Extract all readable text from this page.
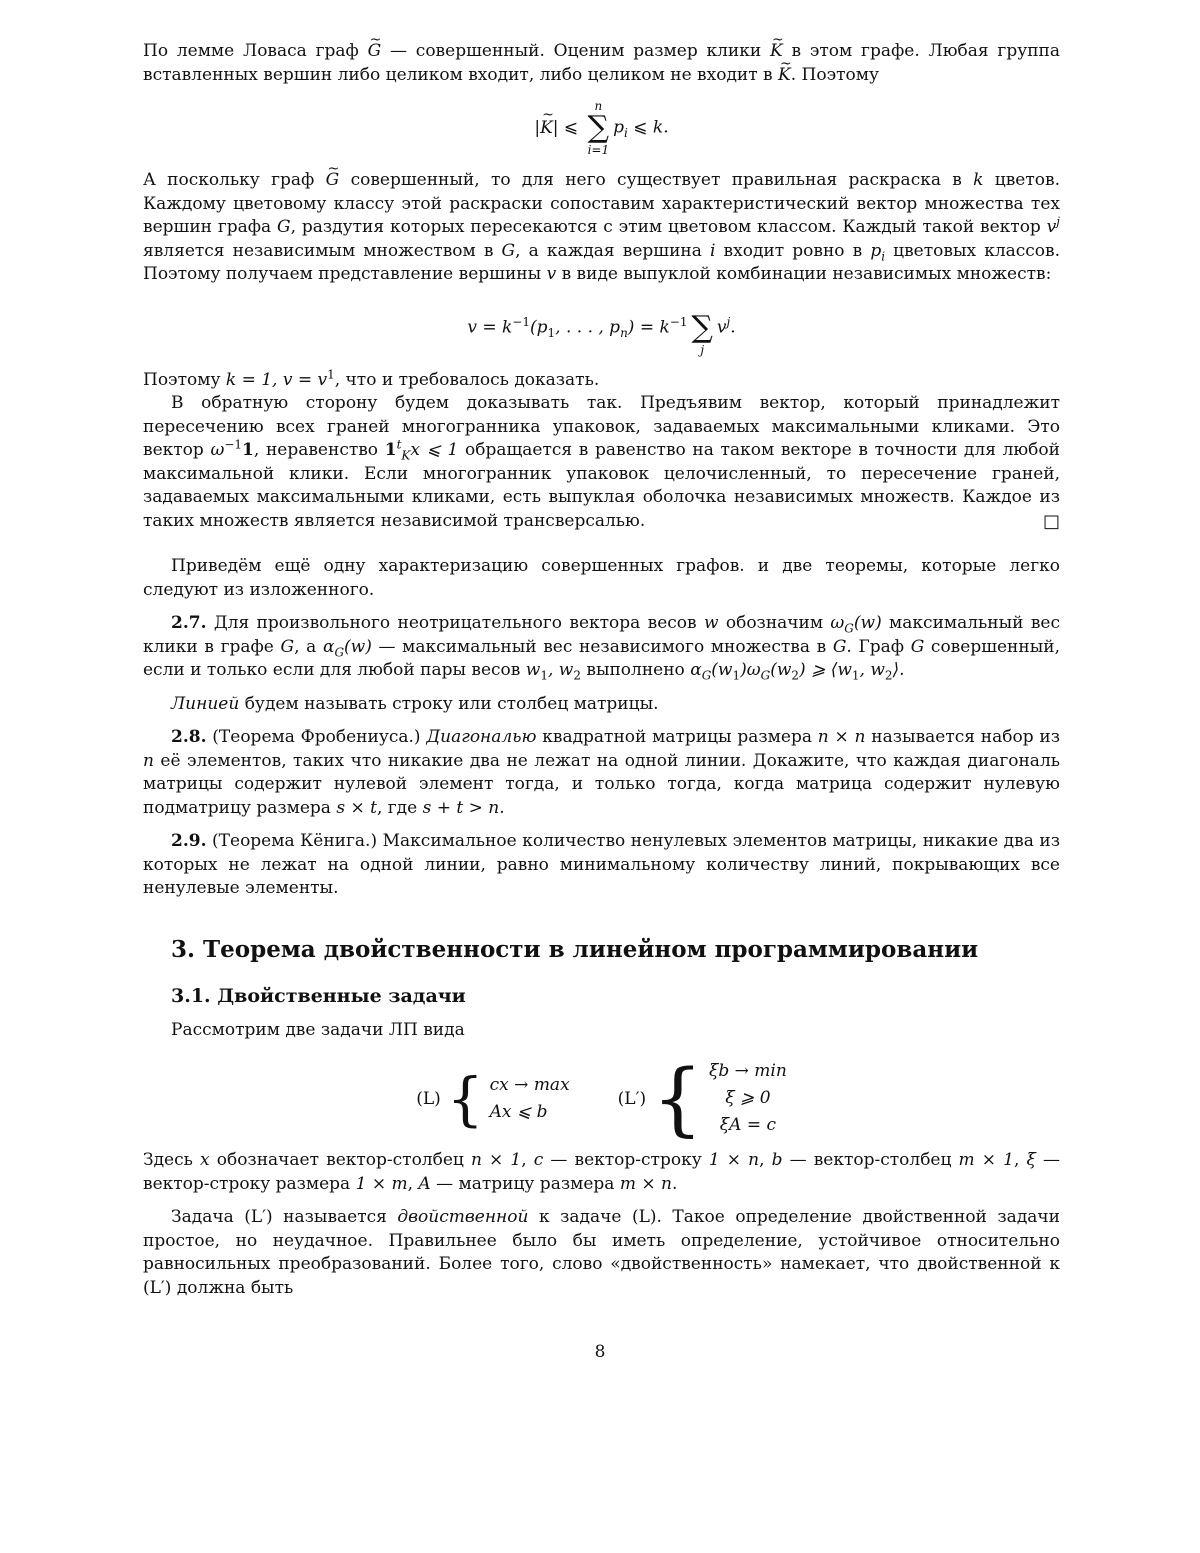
По лемме Ловаса граф ~ G — совершенный. Оценим размер клики ~ K в этом графе. Любая группа вставленных вершин либо целиком входит, либо целиком не входит в ~ K. Поэтому

|~ K| ⩽
n
∑
i=1
$p_i$ ⩽ k.

А поскольку граф ~ G совершенный, то для него существует правильная раскраска в k цветов. Каждому цветовому классу этой раскраски сопоставим характеристический вектор множества тех вершин графа G, раздутия которых пересекаются с этим цветовом классом. Каждый такой вектор $v^j$ является независимым множеством в G, а каждая вершина i входит ровно в $p_i$ цветовых классов. Поэтому получаем представление вершины v в виде выпуклой комбинации независимых множеств:

$v = k^{-1}(p_1$, . . . , $p_n) = k^{-1}$
∑
j
$v^j$.

Поэтому k = 1, $v = v^1$, что и требовалось доказать.

В обратную сторону будем доказывать так. Предъявим вектор, который принадлежит пересечению всех граней многогранника упаковок, задаваемых максимальными кликами. Это вектор $\omega^{-1}1$, неравенство $1^t_Kx$ ⩽ 1 обращается в равенство на таком векторе в точности для любой максимальной клики. Если многогранник упаковок целочисленный, то пересечение граней, задаваемых максимальными кликами, есть выпуклая оболочка независимых множеств. Каждое из таких множеств является независимой трансверсалью.	□

Приведём ещё одну характеризацию совершенных графов. и две теоремы, которые легко следуют из изложенного.

2.7. Для произвольного неотрицательного вектора весов w обозначим $\omega_G(w)$ максимальный вес клики в графе G, а $\alpha_G(w)$ — максимальный вес независимого множества в G. Граф G совершенный, если и только если для любой пары весов $w_1$, $w_2$ выполнено $\alpha_G(w_1)\omega_G(w_2)$ ⩾ $⟨w_1$, $w_2⟩$.

Линией будем называть строку или столбец матрицы.

2.8. (Теорема Фробениуса.) Диагональю квадратной матрицы размера n × n называется набор из n её элементов, таких что никакие два не лежат на одной линии. Докажите, что каждая диагональ матрицы содержит нулевой элемент тогда, и только тогда, когда матрица содержит нулевую подматрицу размера s × t, где s + t > n.

2.9. (Теорема Кёнига.) Максимальное количество ненулевых элементов матрицы, никакие два из которых не лежат на одной линии, равно минимальному количеству линий, покрывающих все ненулевые элементы.

3. Теорема двойственности в линейном программировании
3.1. Двойственные задачи

Рассмотрим две задачи ЛП вида

(L) { cx → max
Ax ⩽ b
(L′) { ξb → min
ξ ⩾ 0
ξA = c

Здесь x обозначает вектор-столбец n × 1, c — вектор-строку 1 × n, b — вектор-столбец m × 1, ξ — вектор-строку размера 1 × m, A — матрицу размера m × n.

Задача (L′) называется двойственной к задаче (L). Такое определение двойственной задачи простое, но неудачное. Правильнее было бы иметь определение, устойчивое относительно равносильных преобразований. Более того, слово «двойственность» намекает, что двойственной к (L′) должна быть

8
